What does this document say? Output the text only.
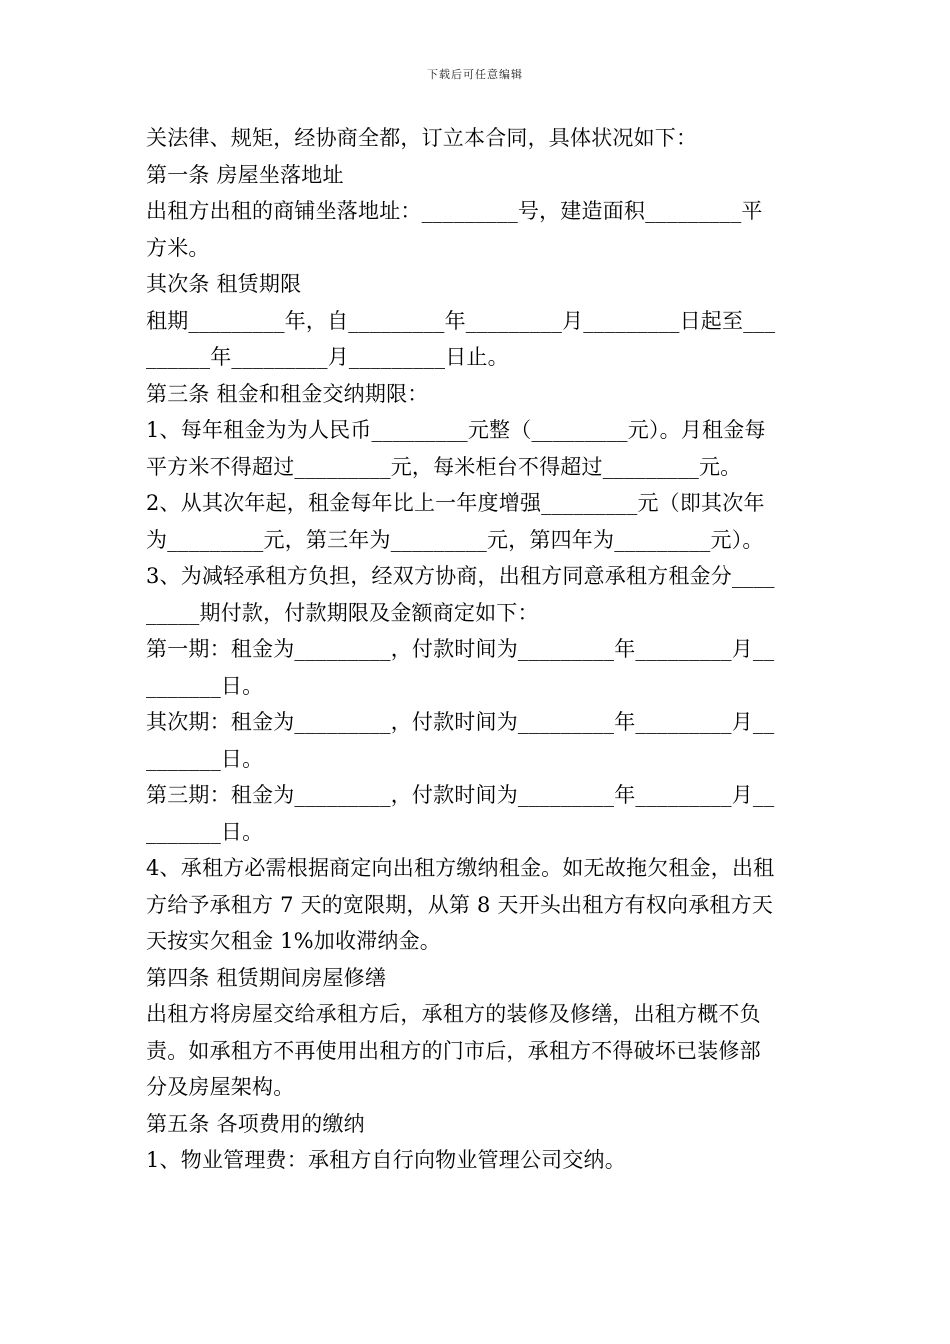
下载后可任意编辑
关法律、规矩，经协商全都，订立本合同，具体状况如下：
第一条 房屋坐落地址
出租方出租的商铺坐落地址：_________号，建造面积_________平
方米。
其次条 租赁期限
租期_________年，自_________年_________月_________日起至___
______年_________月_________日止。
第三条 租金和租金交纳期限：
1、每年租金为为人民币_________元整（_________元）。月租金每
平方米不得超过_________元，每米柜台不得超过_________元。
2、从其次年起，租金每年比上一年度增强_________元（即其次年
为_________元，第三年为_________元，第四年为_________元）。
3、为减轻承租方负担，经双方协商，出租方同意承租方租金分____
_____期付款，付款期限及金额商定如下：
第一期：租金为_________，付款时间为_________年_________月__
_______日。
其次期：租金为_________，付款时间为_________年_________月__
_______日。
第三期：租金为_________，付款时间为_________年_________月__
_______日。
4、承租方必需根据商定向出租方缴纳租金。如无故拖欠租金，出租
方给予承租方 7 天的宽限期，从第 8 天开头出租方有权向承租方天
天按实欠租金 1%加收滞纳金。
第四条 租赁期间房屋修缮
出租方将房屋交给承租方后，承租方的装修及修缮，出租方概不负
责。如承租方不再使用出租方的门市后，承租方不得破坏已装修部
分及房屋架构。
第五条 各项费用的缴纳
1、物业管理费：承租方自行向物业管理公司交纳。
